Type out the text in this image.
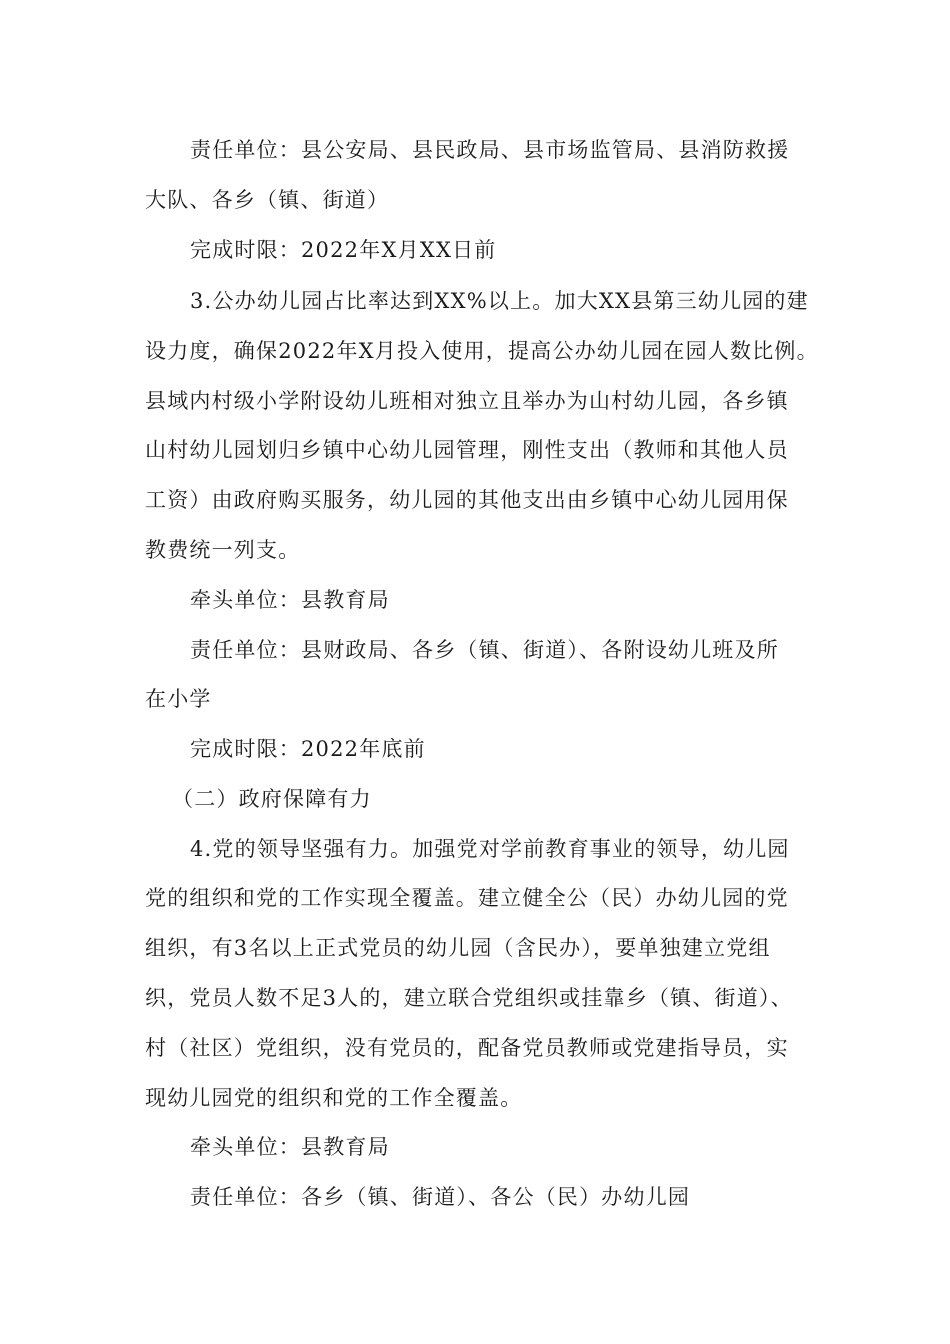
责任单位：县公安局、县民政局、县市场监管局、县消防救援
大队、各乡（镇、街道）
完成时限：2022年X月XX日前
3.公办幼儿园占比率达到XX%以上。加大XX县第三幼儿园的建
设力度，确保2022年X月投入使用，提高公办幼儿园在园人数比例。
县域内村级小学附设幼儿班相对独立且举办为山村幼儿园，各乡镇
山村幼儿园划归乡镇中心幼儿园管理，刚性支出（教师和其他人员
工资）由政府购买服务，幼儿园的其他支出由乡镇中心幼儿园用保
教费统一列支。
牵头单位：县教育局
责任单位：县财政局、各乡（镇、街道）、各附设幼儿班及所
在小学
完成时限：2022年底前
（二）政府保障有力
4.党的领导坚强有力。加强党对学前教育事业的领导，幼儿园
党的组织和党的工作实现全覆盖。建立健全公（民）办幼儿园的党
组织，有3名以上正式党员的幼儿园（含民办），要单独建立党组
织，党员人数不足3人的，建立联合党组织或挂靠乡（镇、街道）、
村（社区）党组织，没有党员的，配备党员教师或党建指导员，实
现幼儿园党的组织和党的工作全覆盖。
牵头单位：县教育局
责任单位：各乡（镇、街道）、各公（民）办幼儿园
